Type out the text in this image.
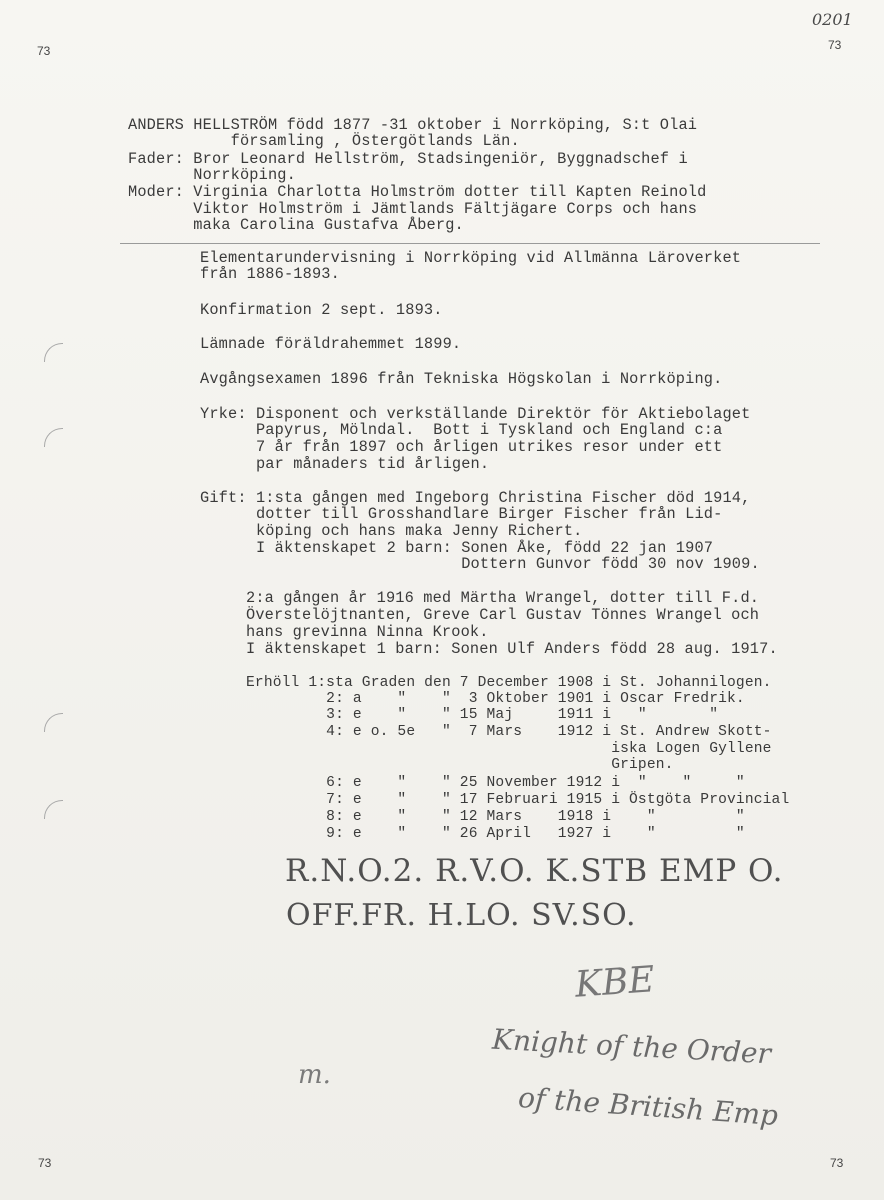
73
0201
73
73	73
ANDERS HELLSTRÖM född 1877 -31 oktober i Norrköping, S:t Olai
församling , Östergötlands Län.
Fader: Bror Leonard Hellström, Stadsingeniör, Byggnadschef i
Norrköping.
Moder: Virginia Charlotta Holmström dotter till Kapten Reinold
Viktor Holmström i Jämtlands Fältjägare Corps och hans
maka Carolina Gustafva Åberg.
Elementarundervisning i Norrköping vid Allmänna Läroverket
från 1886-1893.
Konfirmation 2 sept. 1893.
Lämnade föräldrahemmet 1899.
Avgångsexamen 1896 från Tekniska Högskolan i Norrköping.
Yrke: Disponent och verkställande Direktör för Aktiebolaget
Papyrus, Mölndal.  Bott i Tyskland och England c:a
7 år från 1897 och årligen utrikes resor under ett
par månaders tid årligen.
Gift: 1:sta gången med Ingeborg Christina Fischer död 1914,
dotter till Grosshandlare Birger Fischer från Lid-
köping och hans maka Jenny Richert.
I äktenskapet 2 barn: Sonen Åke, född 22 jan 1907
Dottern Gunvor född 30 nov 1909.
2:a gången år 1916 med Märtha Wrangel, dotter till F.d.
Överstelöjtnanten, Greve Carl Gustav Tönnes Wrangel och
hans grevinna Ninna Krook.
I äktenskapet 1 barn: Sonen Ulf Anders född 28 aug. 1917.
Erhöll 1:sta Graden den 7 December 1908 i St. Johannilogen.
2: a    "    "  3 Oktober 1901 i Oscar Fredrik.
3: e    "    " 15 Maj     1911 i   "       "
4: e o. 5e   "  7 Mars    1912 i St. Andrew Skott-
iska Logen Gyllene
Gripen.
6: e    "    " 25 November 1912 i  "    "     "
7: e    "    " 17 Februari 1915 i Östgöta Provincial
8: e    "    " 12 Mars    1918 i    "         "
9: e    "    " 26 April   1927 i    "         "
R.N.O.2. R.V.O. K.STB EMP O.
OFF.FR. H.LO. SV.SO.
KBE
Knight of the Order
of the British Emp
m.
